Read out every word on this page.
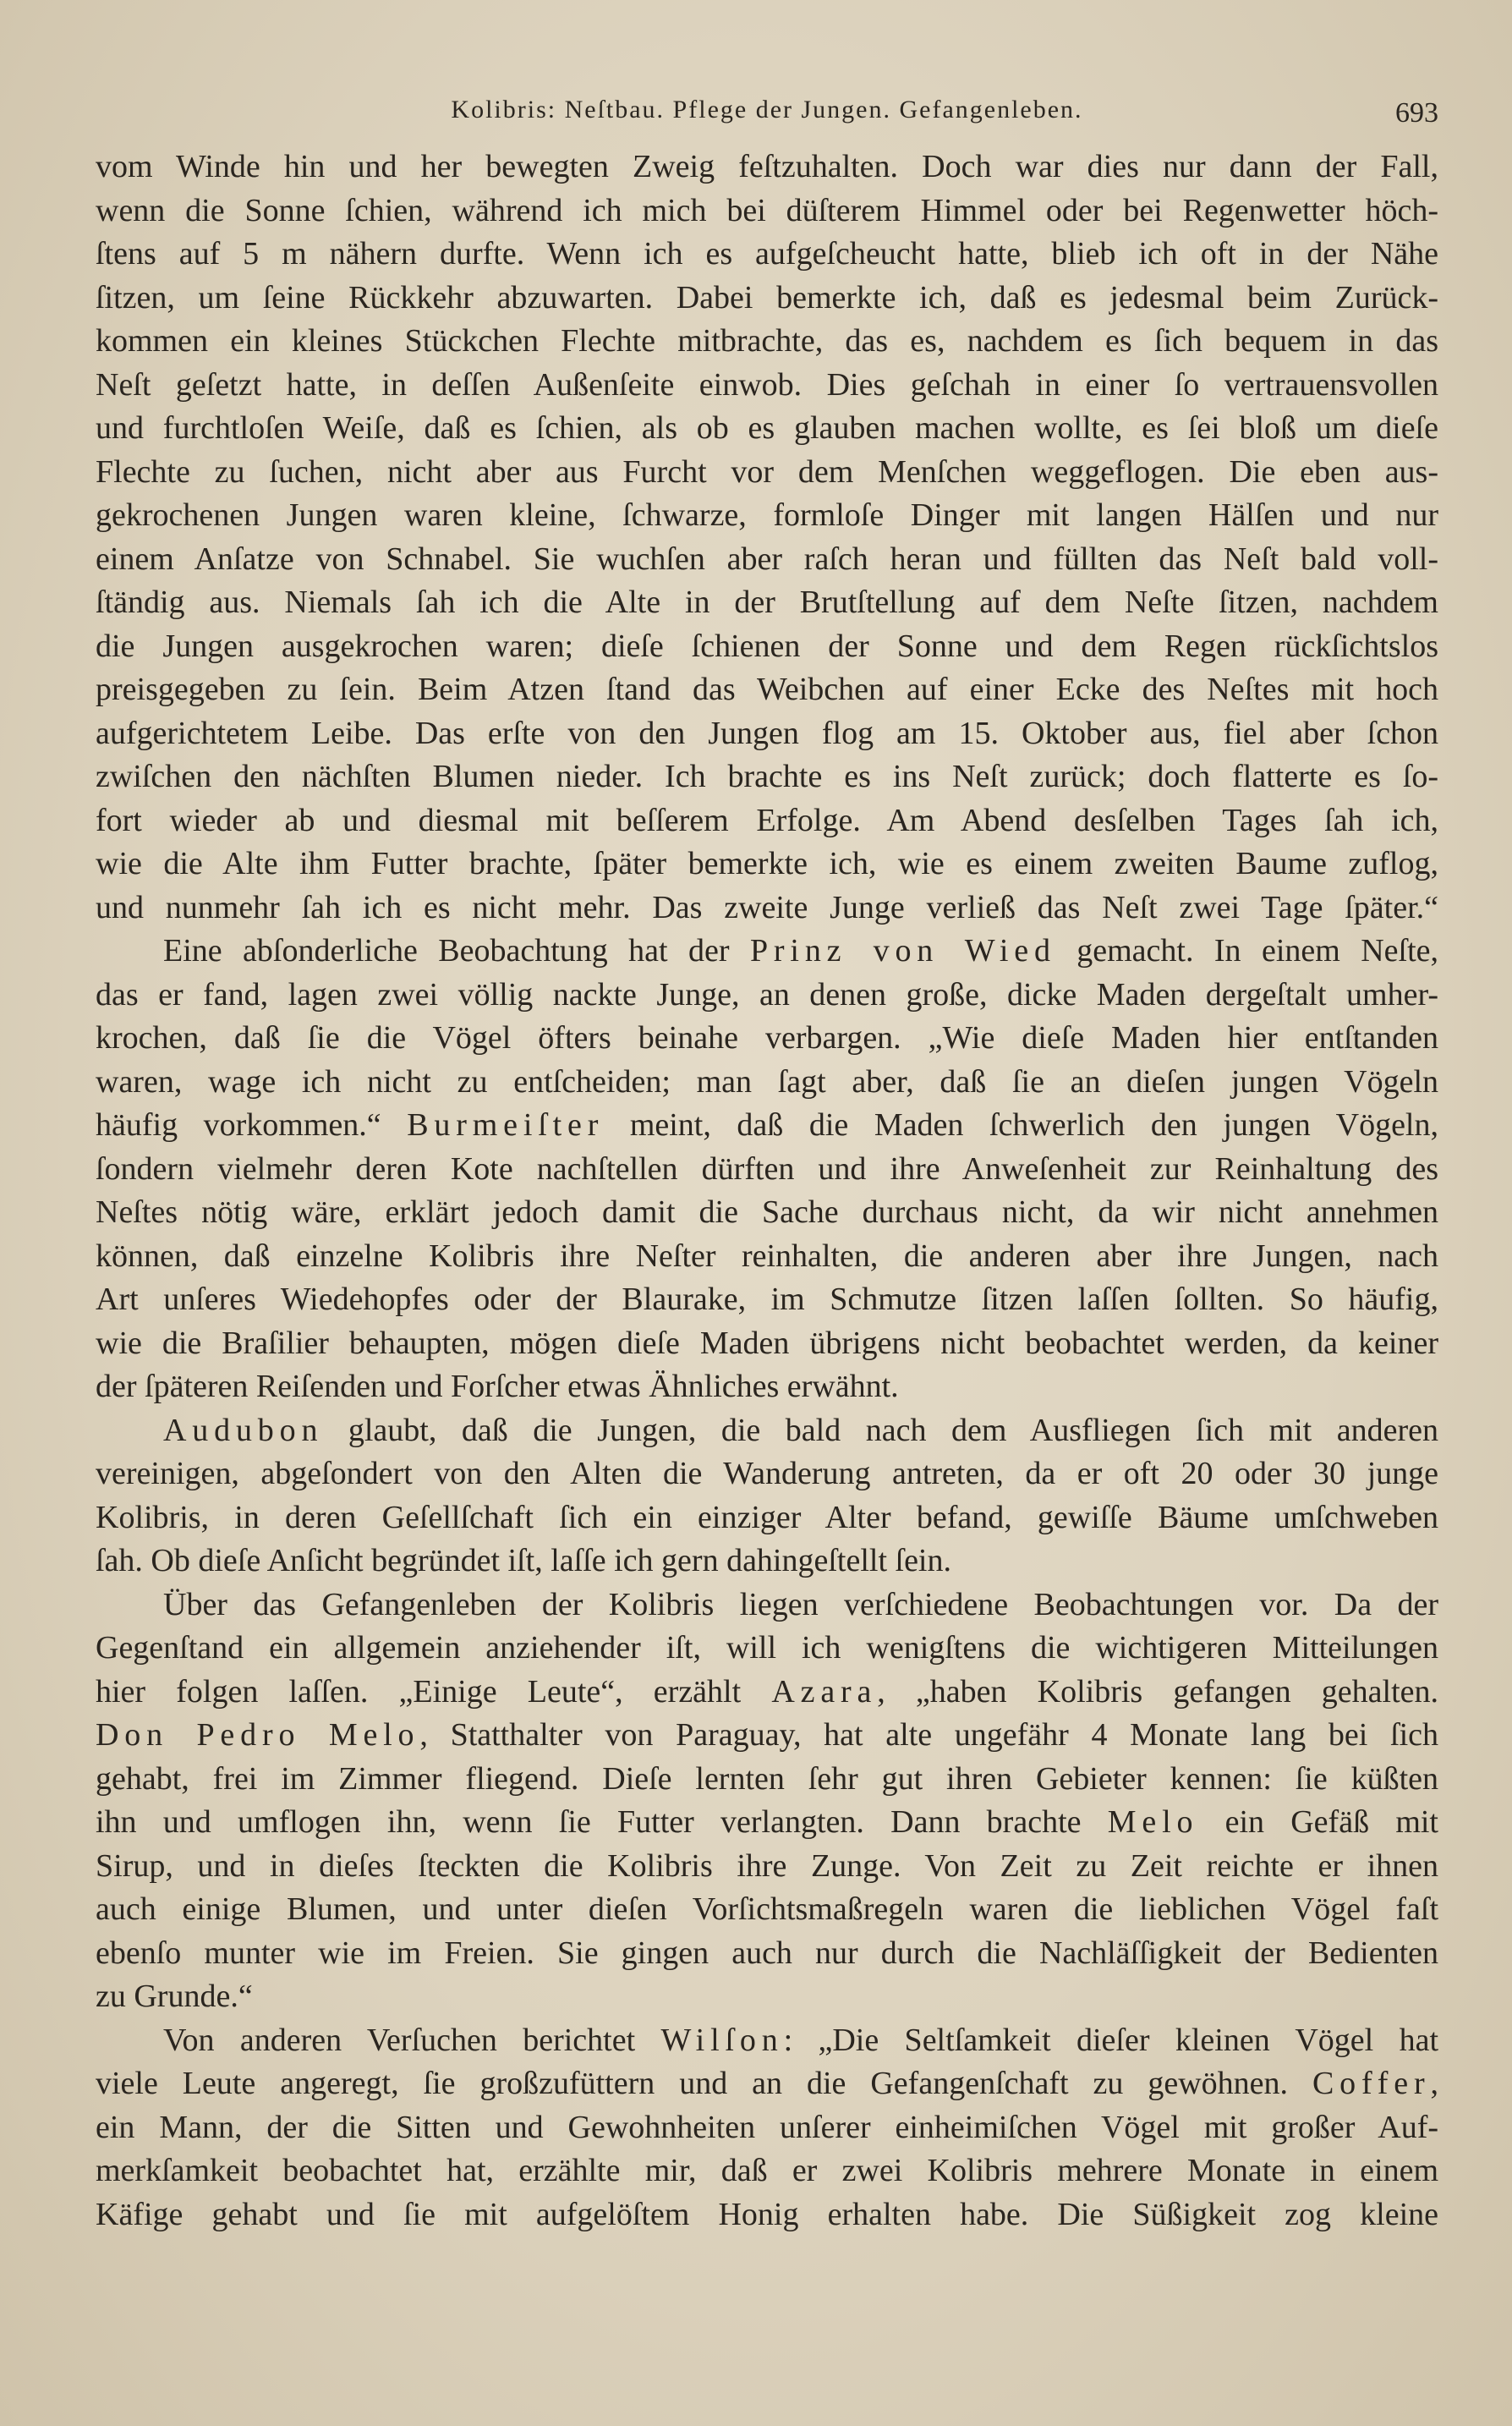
Kolibris: Neſtbau. Pflege der Jungen. Gefangenleben.	693
vom Winde hin und her bewegten Zweig feſtzuhalten. Doch war dies nur dann der Fall,
wenn die Sonne ſchien, während ich mich bei düſterem Himmel oder bei Regenwetter höch-
ſtens auf 5 m nähern durfte. Wenn ich es aufgeſcheucht hatte, blieb ich oft in der Nähe
ſitzen, um ſeine Rückkehr abzuwarten. Dabei bemerkte ich, daß es jedesmal beim Zurück-
kommen ein kleines Stückchen Flechte mitbrachte, das es, nachdem es ſich bequem in das
Neſt geſetzt hatte, in deſſen Außenſeite einwob. Dies geſchah in einer ſo vertrauensvollen
und furchtloſen Weiſe, daß es ſchien, als ob es glauben machen wollte, es ſei bloß um dieſe
Flechte zu ſuchen, nicht aber aus Furcht vor dem Menſchen weggeflogen. Die eben aus-
gekrochenen Jungen waren kleine, ſchwarze, formloſe Dinger mit langen Hälſen und nur
einem Anſatze von Schnabel. Sie wuchſen aber raſch heran und füllten das Neſt bald voll-
ſtändig aus. Niemals ſah ich die Alte in der Brutſtellung auf dem Neſte ſitzen, nachdem
die Jungen ausgekrochen waren; dieſe ſchienen der Sonne und dem Regen rückſichtslos
preisgegeben zu ſein. Beim Atzen ſtand das Weibchen auf einer Ecke des Neſtes mit hoch
aufgerichtetem Leibe. Das erſte von den Jungen flog am 15. Oktober aus, fiel aber ſchon
zwiſchen den nächſten Blumen nieder. Ich brachte es ins Neſt zurück; doch flatterte es ſo-
fort wieder ab und diesmal mit beſſerem Erfolge. Am Abend desſelben Tages ſah ich,
wie die Alte ihm Futter brachte, ſpäter bemerkte ich, wie es einem zweiten Baume zuflog,
und nunmehr ſah ich es nicht mehr. Das zweite Junge verließ das Neſt zwei Tage ſpäter.“
Eine abſonderliche Beobachtung hat der Prinz von Wied gemacht. In einem Neſte,
das er fand, lagen zwei völlig nackte Junge, an denen große, dicke Maden dergeſtalt umher-
krochen, daß ſie die Vögel öfters beinahe verbargen. „Wie dieſe Maden hier entſtanden
waren, wage ich nicht zu entſcheiden; man ſagt aber, daß ſie an dieſen jungen Vögeln
häufig vorkommen.“ Burmeiſter meint, daß die Maden ſchwerlich den jungen Vögeln,
ſondern vielmehr deren Kote nachſtellen dürften und ihre Anweſenheit zur Reinhaltung des
Neſtes nötig wäre, erklärt jedoch damit die Sache durchaus nicht, da wir nicht annehmen
können, daß einzelne Kolibris ihre Neſter reinhalten, die anderen aber ihre Jungen, nach
Art unſeres Wiedehopfes oder der Blaurake, im Schmutze ſitzen laſſen ſollten. So häufig,
wie die Braſilier behaupten, mögen dieſe Maden übrigens nicht beobachtet werden, da keiner
der ſpäteren Reiſenden und Forſcher etwas Ähnliches erwähnt.
Audubon glaubt, daß die Jungen, die bald nach dem Ausfliegen ſich mit anderen
vereinigen, abgeſondert von den Alten die Wanderung antreten, da er oft 20 oder 30 junge
Kolibris, in deren Geſellſchaft ſich ein einziger Alter befand, gewiſſe Bäume umſchweben
ſah. Ob dieſe Anſicht begründet iſt, laſſe ich gern dahingeſtellt ſein.
Über das Gefangenleben der Kolibris liegen verſchiedene Beobachtungen vor. Da der
Gegenſtand ein allgemein anziehender iſt, will ich wenigſtens die wichtigeren Mitteilungen
hier folgen laſſen. „Einige Leute“, erzählt Azara, „haben Kolibris gefangen gehalten.
Don Pedro Melo, Statthalter von Paraguay, hat alte ungefähr 4 Monate lang bei ſich
gehabt, frei im Zimmer fliegend. Dieſe lernten ſehr gut ihren Gebieter kennen: ſie küßten
ihn und umflogen ihn, wenn ſie Futter verlangten. Dann brachte Melo ein Gefäß mit
Sirup, und in dieſes ſteckten die Kolibris ihre Zunge. Von Zeit zu Zeit reichte er ihnen
auch einige Blumen, und unter dieſen Vorſichtsmaßregeln waren die lieblichen Vögel faſt
ebenſo munter wie im Freien. Sie gingen auch nur durch die Nachläſſigkeit der Bedienten
zu Grunde.“
Von anderen Verſuchen berichtet Wilſon: „Die Seltſamkeit dieſer kleinen Vögel hat
viele Leute angeregt, ſie großzufüttern und an die Gefangenſchaft zu gewöhnen. Coffer,
ein Mann, der die Sitten und Gewohnheiten unſerer einheimiſchen Vögel mit großer Auf-
merkſamkeit beobachtet hat, erzählte mir, daß er zwei Kolibris mehrere Monate in einem
Käfige gehabt und ſie mit aufgelöſtem Honig erhalten habe. Die Süßigkeit zog kleine
